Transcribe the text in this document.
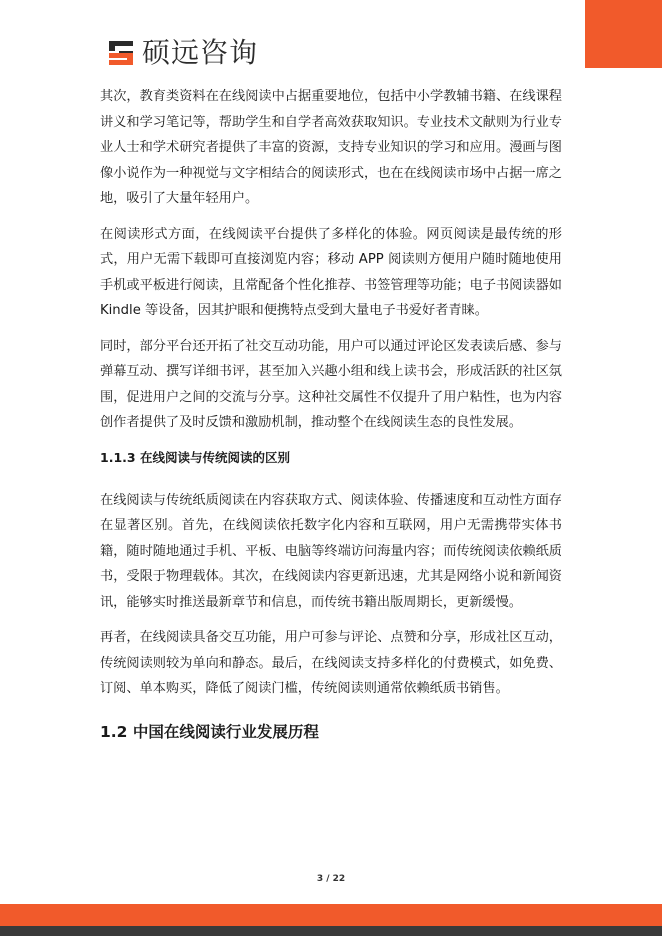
硕远咨询

其次，教育类资料在在线阅读中占据重要地位，包括中小学教辅书籍、在线课程讲义和学习笔记等，帮助学生和自学者高效获取知识。专业技术文献则为行业专业人士和学术研究者提供了丰富的资源，支持专业知识的学习和应用。漫画与图像小说作为一种视觉与文字相结合的阅读形式，也在在线阅读市场中占据一席之地，吸引了大量年轻用户。

在阅读形式方面，在线阅读平台提供了多样化的体验。网页阅读是最传统的形式，用户无需下载即可直接浏览内容；移动 APP 阅读则方便用户随时随地使用手机或平板进行阅读，且常配备个性化推荐、书签管理等功能；电子书阅读器如 Kindle 等设备，因其护眼和便携特点受到大量电子书爱好者青睐。

同时，部分平台还开拓了社交互动功能，用户可以通过评论区发表读后感、参与弹幕互动、撰写详细书评，甚至加入兴趣小组和线上读书会，形成活跃的社区氛围，促进用户之间的交流与分享。这种社交属性不仅提升了用户粘性，也为内容创作者提供了及时反馈和激励机制，推动整个在线阅读生态的良性发展。

1.1.3 在线阅读与传统阅读的区别

在线阅读与传统纸质阅读在内容获取方式、阅读体验、传播速度和互动性方面存在显著区别。首先，在线阅读依托数字化内容和互联网，用户无需携带实体书籍，随时随地通过手机、平板、电脑等终端访问海量内容；而传统阅读依赖纸质书，受限于物理载体。其次，在线阅读内容更新迅速，尤其是网络小说和新闻资讯，能够实时推送最新章节和信息，而传统书籍出版周期长，更新缓慢。

再者，在线阅读具备交互功能，用户可参与评论、点赞和分享，形成社区互动，传统阅读则较为单向和静态。最后，在线阅读支持多样化的付费模式，如免费、订阅、单本购买，降低了阅读门槛，传统阅读则通常依赖纸质书销售。

1.2 中国在线阅读行业发展历程
3 / 22
